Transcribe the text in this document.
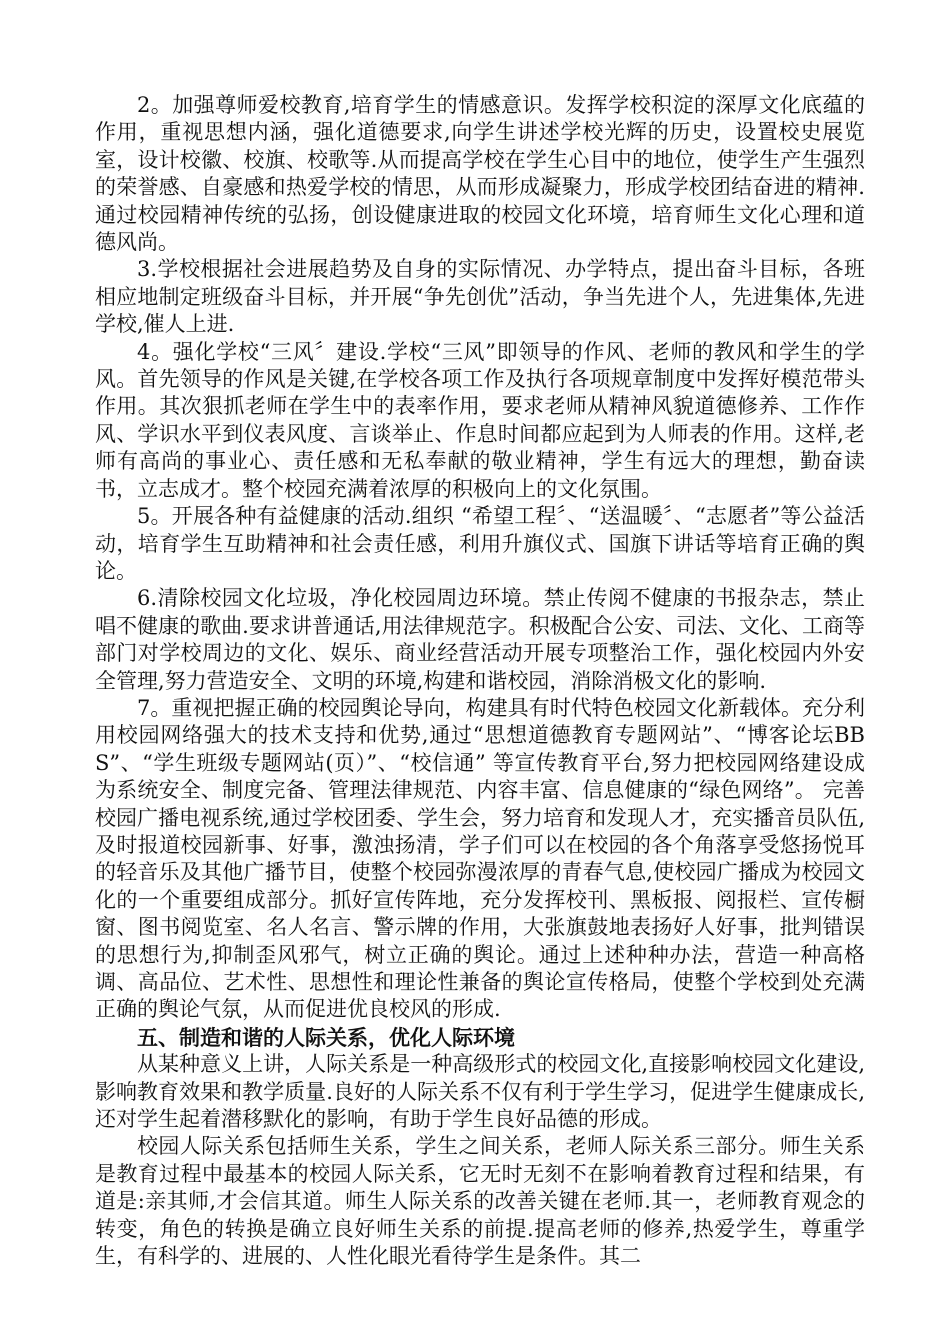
2。加强尊师爱校教育,培育学生的情感意识。发挥学校积淀的深厚文化底蕴的作用，重视思想内涵，强化道德要求,向学生讲述学校光辉的历史，设置校史展览室，设计校徽、校旗、校歌等.从而提高学校在学生心目中的地位，使学生产生强烈的荣誉感、自豪感和热爱学校的情思，从而形成凝聚力，形成学校团结奋进的精神.通过校园精神传统的弘扬，创设健康进取的校园文化环境，培育师生文化心理和道德风尚。

3.学校根据社会进展趋势及自身的实际情况、办学特点，提出奋斗目标，各班相应地制定班级奋斗目标，并开展“争先创优”活动，争当先进个人，先进集体,先进学校,催人上进.

4。强化学校“三风〞建设.学校“三风”即领导的作风、老师的教风和学生的学风。首先领导的作风是关键,在学校各项工作及执行各项规章制度中发挥好模范带头作用。其次狠抓老师在学生中的表率作用，要求老师从精神风貌道德修养、工作作风、学识水平到仪表风度、言谈举止、作息时间都应起到为人师表的作用。这样,老师有高尚的事业心、责任感和无私奉献的敬业精神，学生有远大的理想，勤奋读书，立志成才。整个校园充满着浓厚的积极向上的文化氛围。

5。开展各种有益健康的活动.组织 “希望工程〞、“送温暖〞、“志愿者”等公益活动，培育学生互助精神和社会责任感，利用升旗仪式、国旗下讲话等培育正确的舆论。

6.清除校园文化垃圾，净化校园周边环境。禁止传阅不健康的书报杂志，禁止唱不健康的歌曲.要求讲普通话,用法律规范字。积极配合公安、司法、文化、工商等部门对学校周边的文化、娱乐、商业经营活动开展专项整治工作，强化校园内外安全管理,努力营造安全、文明的环境,构建和谐校园，消除消极文化的影响.

7。重视把握正确的校园舆论导向，构建具有时代特色校园文化新载体。充分利用校园网络强大的技术支持和优势,通过“思想道德教育专题网站”、“博客论坛BBS”、“学生班级专题网站(页）”、“校信通” 等宣传教育平台,努力把校园网络建设成为系统安全、制度完备、管理法律规范、内容丰富、信息健康的“绿色网络”。 完善校园广播电视系统,通过学校团委、学生会，努力培育和发现人才，充实播音员队伍,及时报道校园新事、好事，激浊扬清，学子们可以在校园的各个角落享受悠扬悦耳的轻音乐及其他广播节目，使整个校园弥漫浓厚的青春气息,使校园广播成为校园文化的一个重要组成部分。抓好宣传阵地，充分发挥校刊、黑板报、阅报栏、宣传橱窗、图书阅览室、名人名言、警示牌的作用，大张旗鼓地表扬好人好事，批判错误的思想行为,抑制歪风邪气，树立正确的舆论。通过上述种种办法，营造一种高格调、高品位、艺术性、思想性和理论性兼备的舆论宣传格局，使整个学校到处充满正确的舆论气氛，从而促进优良校风的形成.

五、制造和谐的人际关系，优化人际环境

从某种意义上讲，人际关系是一种高级形式的校园文化,直接影响校园文化建设,影响教育效果和教学质量.良好的人际关系不仅有利于学生学习，促进学生健康成长,还对学生起着潜移默化的影响，有助于学生良好品德的形成。

校园人际关系包括师生关系，学生之间关系，老师人际关系三部分。师生关系是教育过程中最基本的校园人际关系，它无时无刻不在影响着教育过程和结果，有道是:亲其师,才会信其道。师生人际关系的改善关键在老师.其一，老师教育观念的转变，角色的转换是确立良好师生关系的前提.提高老师的修养,热爱学生，尊重学生，有科学的、进展的、人性化眼光看待学生是条件。其二
